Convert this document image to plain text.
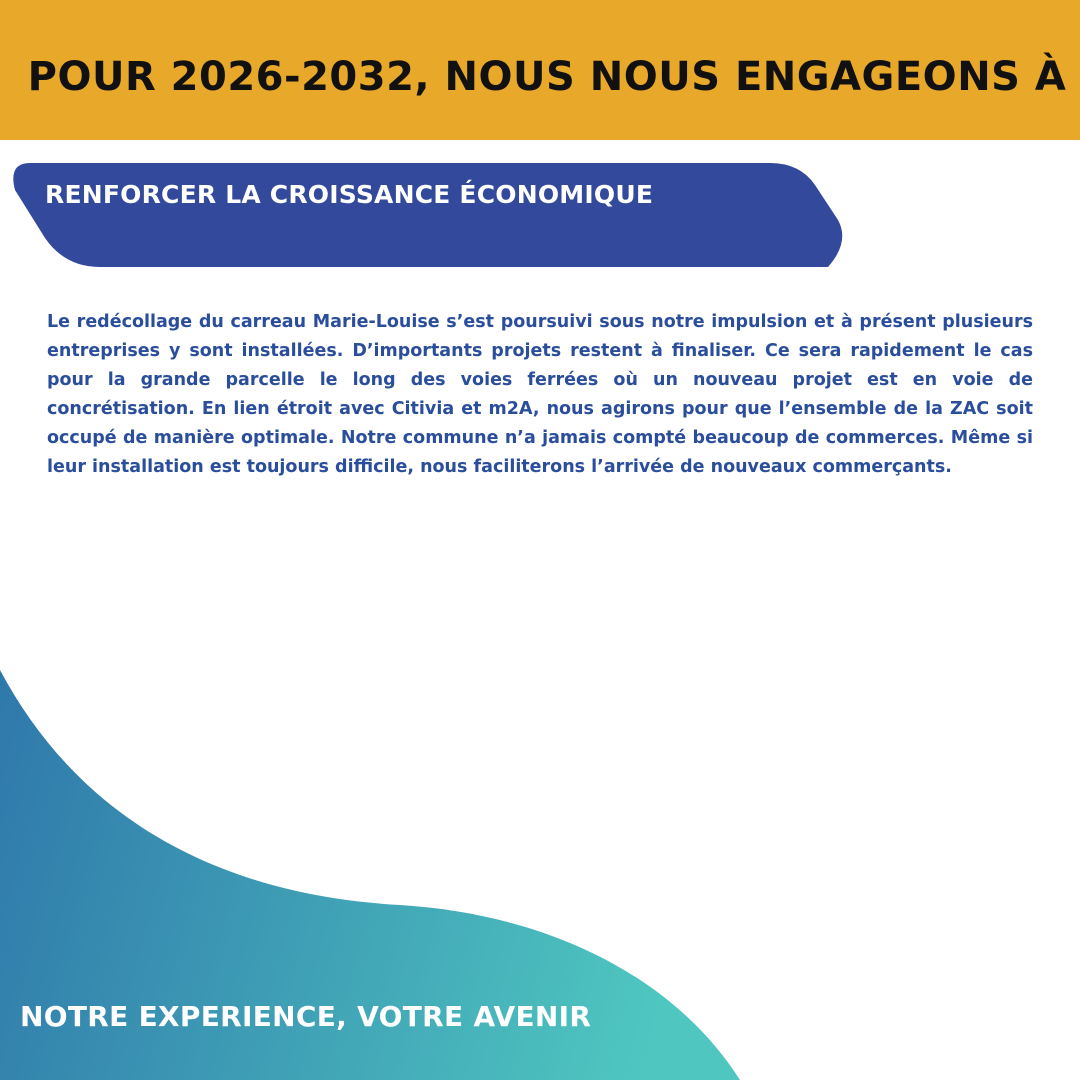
POUR 2026-2032, NOUS NOUS ENGAGEONS À
RENFORCER LA CROISSANCE ÉCONOMIQUE

Le redécollage du carreau Marie-Louise s’est poursuivi sous notre impulsion et à présent plusieurs entreprises y sont installées. D’importants projets restent à finaliser. Ce sera rapidement le cas pour la grande parcelle le long des voies ferrées où un nouveau projet est en voie de concrétisation. En lien étroit avec Citivia et m2A, nous agirons pour que l’ensemble de la ZAC soit occupé de manière optimale. Notre commune n’a jamais compté beaucoup de commerces. Même si leur installation est toujours difficile, nous faciliterons l’arrivée de nouveaux commerçants.

NOTRE EXPERIENCE, VOTRE AVENIR
